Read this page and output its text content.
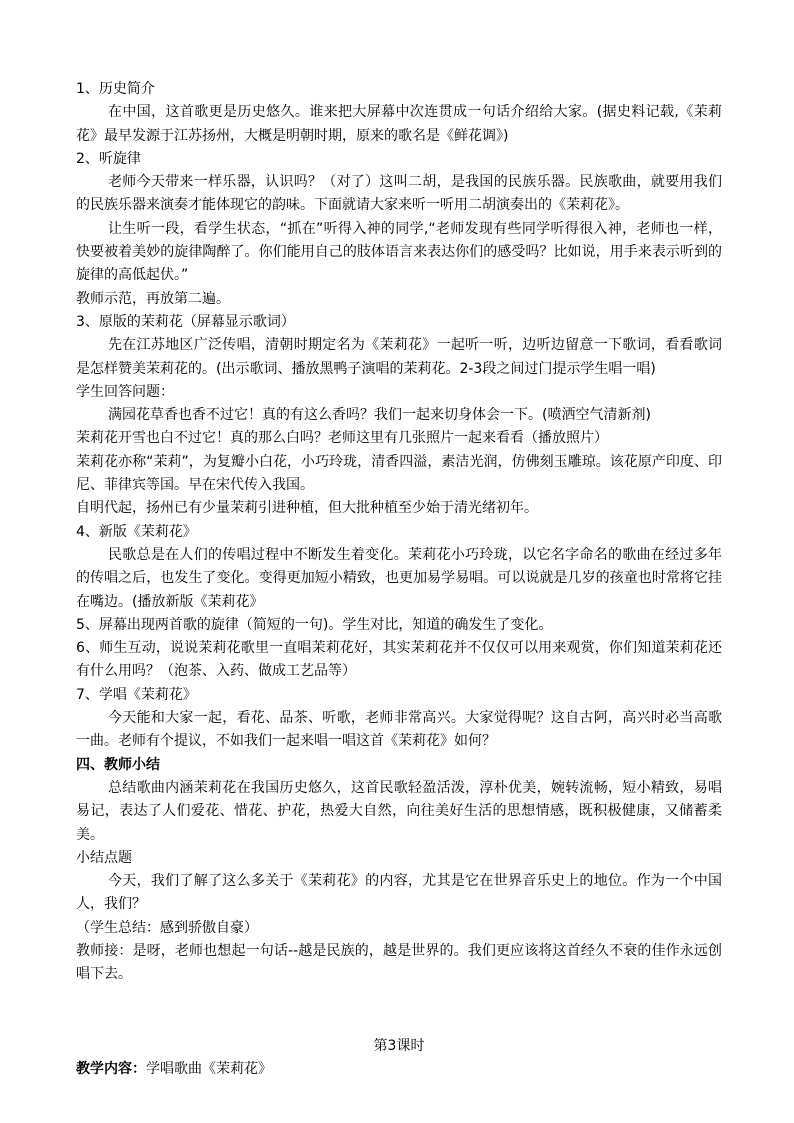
1、历史简介

在中国，这首歌更是历史悠久。谁来把大屏幕中次连贯成一句话介绍给大家。(据史料记载,《茉莉花》最早发源于江苏扬州，大概是明朝时期，原来的歌名是《鲜花调》)

2、听旋律

老师今天带来一样乐器，认识吗？（对了）这叫二胡，是我国的民族乐器。民族歌曲，就要用我们的民族乐器来演奏才能体现它的韵味。下面就请大家来听一听用二胡演奏出的《茉莉花》。

让生听一段，看学生状态，“抓在”听得入神的同学,“老师发现有些同学听得很入神，老师也一样，快要被着美妙的旋律陶醉了。你们能用自己的肢体语言来表达你们的感受吗？比如说，用手来表示听到的旋律的高低起伏。”

教师示范，再放第二遍。

3、原版的茉莉花（屏幕显示歌词）

先在江苏地区广泛传唱，清朝时期定名为《茉莉花》一起听一听，边听边留意一下歌词，看看歌词是怎样赞美茉莉花的。(出示歌词、播放黑鸭子演唱的茉莉花。2-3段之间过门提示学生唱一唱)

学生回答问题：

满园花草香也香不过它！真的有这么香吗？我们一起来切身体会一下。(喷洒空气清新剂)

茉莉花开雪也白不过它！真的那么白吗？老师这里有几张照片一起来看看（播放照片）

茉莉花亦称“茉莉”，为复瓣小白花，小巧玲珑，清香四溢，素洁光润，仿佛刻玉雕琼。该花原产印度、印尼、菲律宾等国。早在宋代传入我国。

自明代起，扬州已有少量茉莉引进种植，但大批种植至少始于清光绪初年。

4、新版《茉莉花》

民歌总是在人们的传唱过程中不断发生着变化。茉莉花小巧玲珑，以它名字命名的歌曲在经过多年的传唱之后，也发生了变化。变得更加短小精致，也更加易学易唱。可以说就是几岁的孩童也时常将它挂在嘴边。(播放新版《茉莉花》

5、屏幕出现两首歌的旋律（简短的一句)。学生对比，知道的确发生了变化。

6、师生互动，说说茉莉花歌里一直唱茉莉花好，其实茉莉花并不仅仅可以用来观赏，你们知道茉莉花还有什么用吗？（泡茶、入药、做成工艺品等）

7、学唱《茉莉花》

今天能和大家一起，看花、品茶、听歌，老师非常高兴。大家觉得呢？这自古阿，高兴时必当高歌一曲。老师有个提议，不如我们一起来唱一唱这首《茉莉花》如何？

四、教师小结

总结歌曲内涵茉莉花在我国历史悠久，这首民歌轻盈活泼，淳朴优美，婉转流畅，短小精致，易唱易记，表达了人们爱花、惜花、护花，热爱大自然，向往美好生活的思想情感，既积极健康，又储蓄柔美。

小结点题

今天，我们了解了这么多关于《茉莉花》的内容，尤其是它在世界音乐史上的地位。作为一个中国人，我们？

（学生总结：感到骄傲自豪）

教师接：是呀，老师也想起一句话--越是民族的，越是世界的。我们更应该将这首经久不衰的佳作永远创唱下去。

第3课时

教学内容：学唱歌曲《茉莉花》
